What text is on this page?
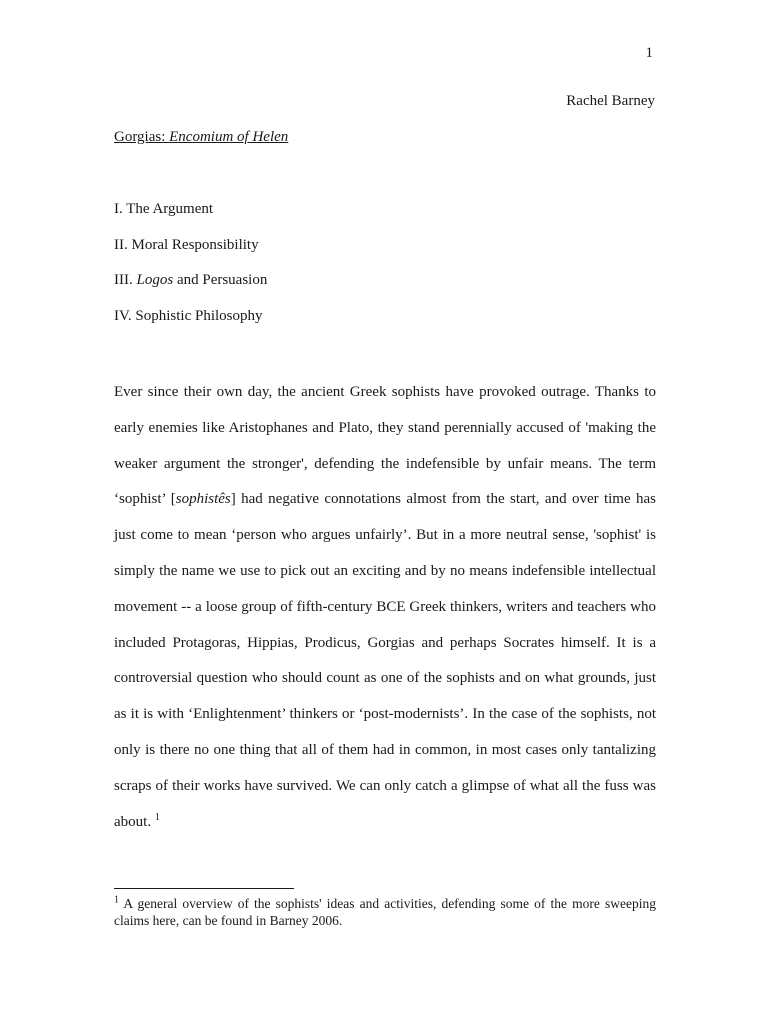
1
Rachel Barney
Gorgias: Encomium of Helen
I. The Argument
II. Moral Responsibility
III. Logos and Persuasion
IV. Sophistic Philosophy
Ever since their own day, the ancient Greek sophists have provoked outrage. Thanks to
early enemies like Aristophanes and Plato, they stand perennially accused of 'making the
weaker argument the stronger', defending the indefensible by unfair means. The term
‘sophist’ [sophistês] had negative connotations almost from the start, and over time has
just come to mean ‘person who argues unfairly’. But in a more neutral sense, 'sophist' is
simply the name we use to pick out an exciting and by no means indefensible intellectual
movement -- a loose group of fifth-century BCE Greek thinkers, writers and teachers who
included Protagoras, Hippias, Prodicus, Gorgias and perhaps Socrates himself. It is a
controversial question who should count as one of the sophists and on what grounds, just
as it is with ‘Enlightenment’ thinkers or ‘post-modernists’. In the case of the sophists, not
only is there no one thing that all of them had in common, in most cases only tantalizing
scraps of their works have survived. We can only catch a glimpse of what all the fuss was
about. $^1$
$^1$ A general overview of the sophists' ideas and activities, defending some of the more sweeping
claims here, can be found in Barney 2006.
